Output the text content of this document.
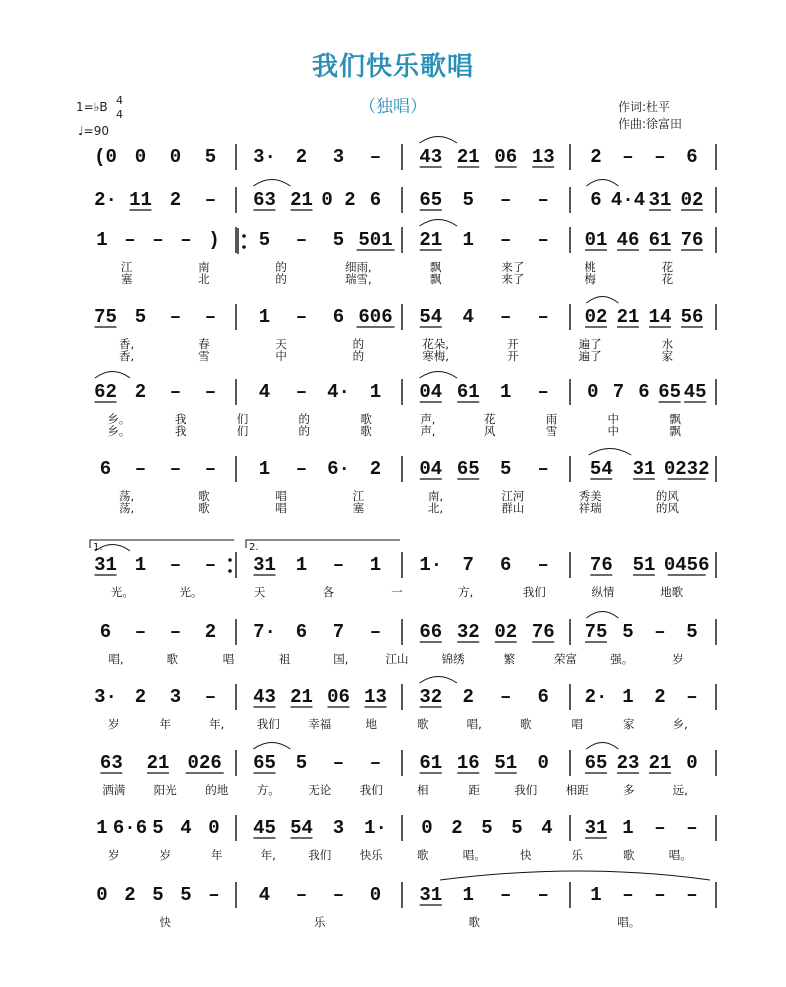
我们快乐歌唱
（独唱）
1=♭B 4
4
♩=90
作词:杜平
作曲:徐富田
(0 0 0 5 3· 2 3 – 43 21 06 13 2 – – 6
2· 11 2 – 63 21 0 2 6 65 5 – – 6 4·4 31 02
1 – – – ) 5 – 5 501 21 1 – – 01 46 61 76
江	南	的	细雨,	飘	来了	桃	花
塞	北	的	瑞雪,	飘	来了	梅	花
75 5 – – 1 – 6 606 54 4 – – 02 21 14 56
香,	春	天	的	花朵,	开	遍了	水
香,	雪	中	的	寒梅,	开	遍了	家
62 2 – – 4 – 4· 1 04 61 1 – 0 7 6 65 45
乡。	我	们	的	歌	声,	花	雨	中	飘
乡。	我	们	的	歌	声,	风	雪	中	飘
6 – – – 1 – 6· 2 04 65 5 – 54 31 0232
荡,	歌	唱	江	南,	江河	秀美	的风
荡,	歌	唱	塞	北,	群山	祥瑞	的风
31 1 – – 31 1 – 1 1· 7 6 – 76 51 0456
光。	光。	天	各	一	方,	我们	纵情	地歌
1.	2.
6 – – 2 7· 6 7 – 66 32 02 76 75 5 – 5
唱,	歌	唱	祖	国,	江山	锦绣	繁	荣富	强。	岁
3· 2 3 – 43 21 06 13 32 2 – 6 2· 1 2 –
岁	年	年,	我们 幸福	地	歌	唱,	歌	唱	家	乡,
63 21 026 65 5 – – 61 16 51 0 65 23 21 0
洒满 阳光 的地 方。 无论 我们	相	距	我们 相距	多	远,
1 6·6 5 4 0 45 54 3 1· 0 2 5 5 4 31 1 – –
岁	岁	年	年,	我们 快乐	歌	唱。	快	乐	歌	唱。
0 2 5 5 – 4 – – 0 31 1 – – 1 – – –
快	乐	歌	唱。
